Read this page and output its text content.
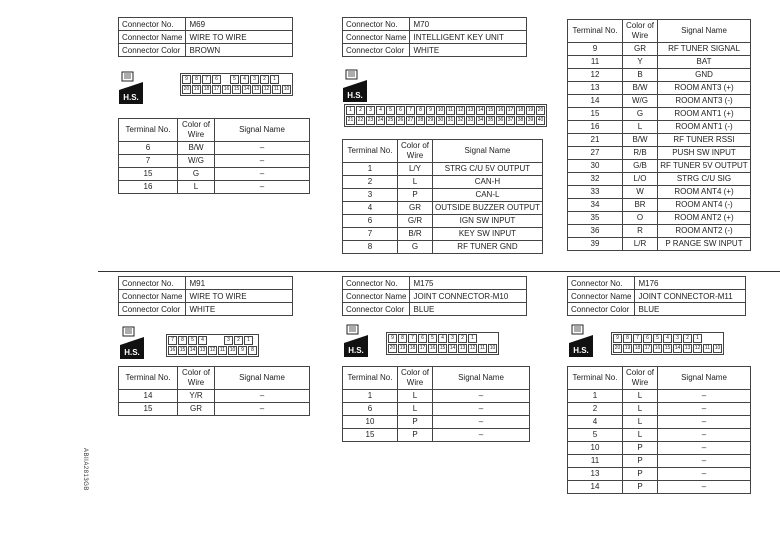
ABIIA2813GB
Connector No.	M69
Connector Name	WIRE TO WIRE
Connector Color	BROWN
H.S.
9	8	7	6	5	4	3	2	1
20 19 18 17 16 15 14 13 12 11 10
Terminal No.	Color of Wire	Signal Name
6	B/W	–
7	W/G	–
15	G	–
16	L	–
Connector No.	M70
Connector Name	INTELLIGENT KEY UNIT
Connector Color	WHITE
H.S.
1	2	3	4	5	6	7	8	9	10 11 12 13 14 15 16 17 18 19 20
21 22 23 24 25 26 27 28 29 30 31 32 33 34 35 36 37 38 39 40
Terminal No.	Color of Wire	Signal Name
1	L/Y	STRG C/U 5V OUTPUT
2	L	CAN-H
3	P	CAN-L
4	GR	OUTSIDE BUZZER OUTPUT
6	G/R	IGN SW INPUT
7	B/R	KEY SW INPUT
8	G	RF TUNER GND
Terminal No.	Color of Wire	Signal Name
9	GR	RF TUNER SIGNAL
11	Y	BAT
12	B	GND
13	B/W	ROOM ANT3 (+)
14	W/G	ROOM ANT3 (-)
15	G	ROOM ANT1 (+)
16	L	ROOM ANT1 (-)
21	B/W	RF TUNER RSSI
27	R/B	PUSH SW INPUT
30	G/B	RF TUNER 5V OUTPUT
32	L/O	STRG C/U SIG
33	W	ROOM ANT4 (+)
34	BR	ROOM ANT4 (-)
35	O	ROOM ANT2 (+)
36	R	ROOM ANT2 (-)
39	L/R	P RANGE SW INPUT
Connector No.	M91
Connector Name	WIRE TO WIRE
Connector Color	WHITE
H.S.
7	8	5	4	3	2	1
16 15 14 13 12 11 10	9	8
Terminal No.	Color of Wire	Signal Name
14	Y/R	–
15	GR	–
Connector No.	M175
Connector Name	JOINT CONNECTOR-M10
Connector Color	BLUE
H.S.
9	8	7	6	5	4	3	2	1
20 19 18 17 16 15 14 13 12 11 10
Terminal No.	Color of Wire	Signal Name
1	L	–
6	L	–
10	P	–
15	P	–
Connector No.	M176
Connector Name	JOINT CONNECTOR-M11
Connector Color	BLUE
H.S.
9	8	7	6	5	4	3	2	1
20 19 18 17 16 15 14 13 12 11 10
Terminal No.	Color of Wire	Signal Name
1	L	–
2	L	–
4	L	–
5	L	–
10	P	–
11	P	–
13	P	–
14	P	–
